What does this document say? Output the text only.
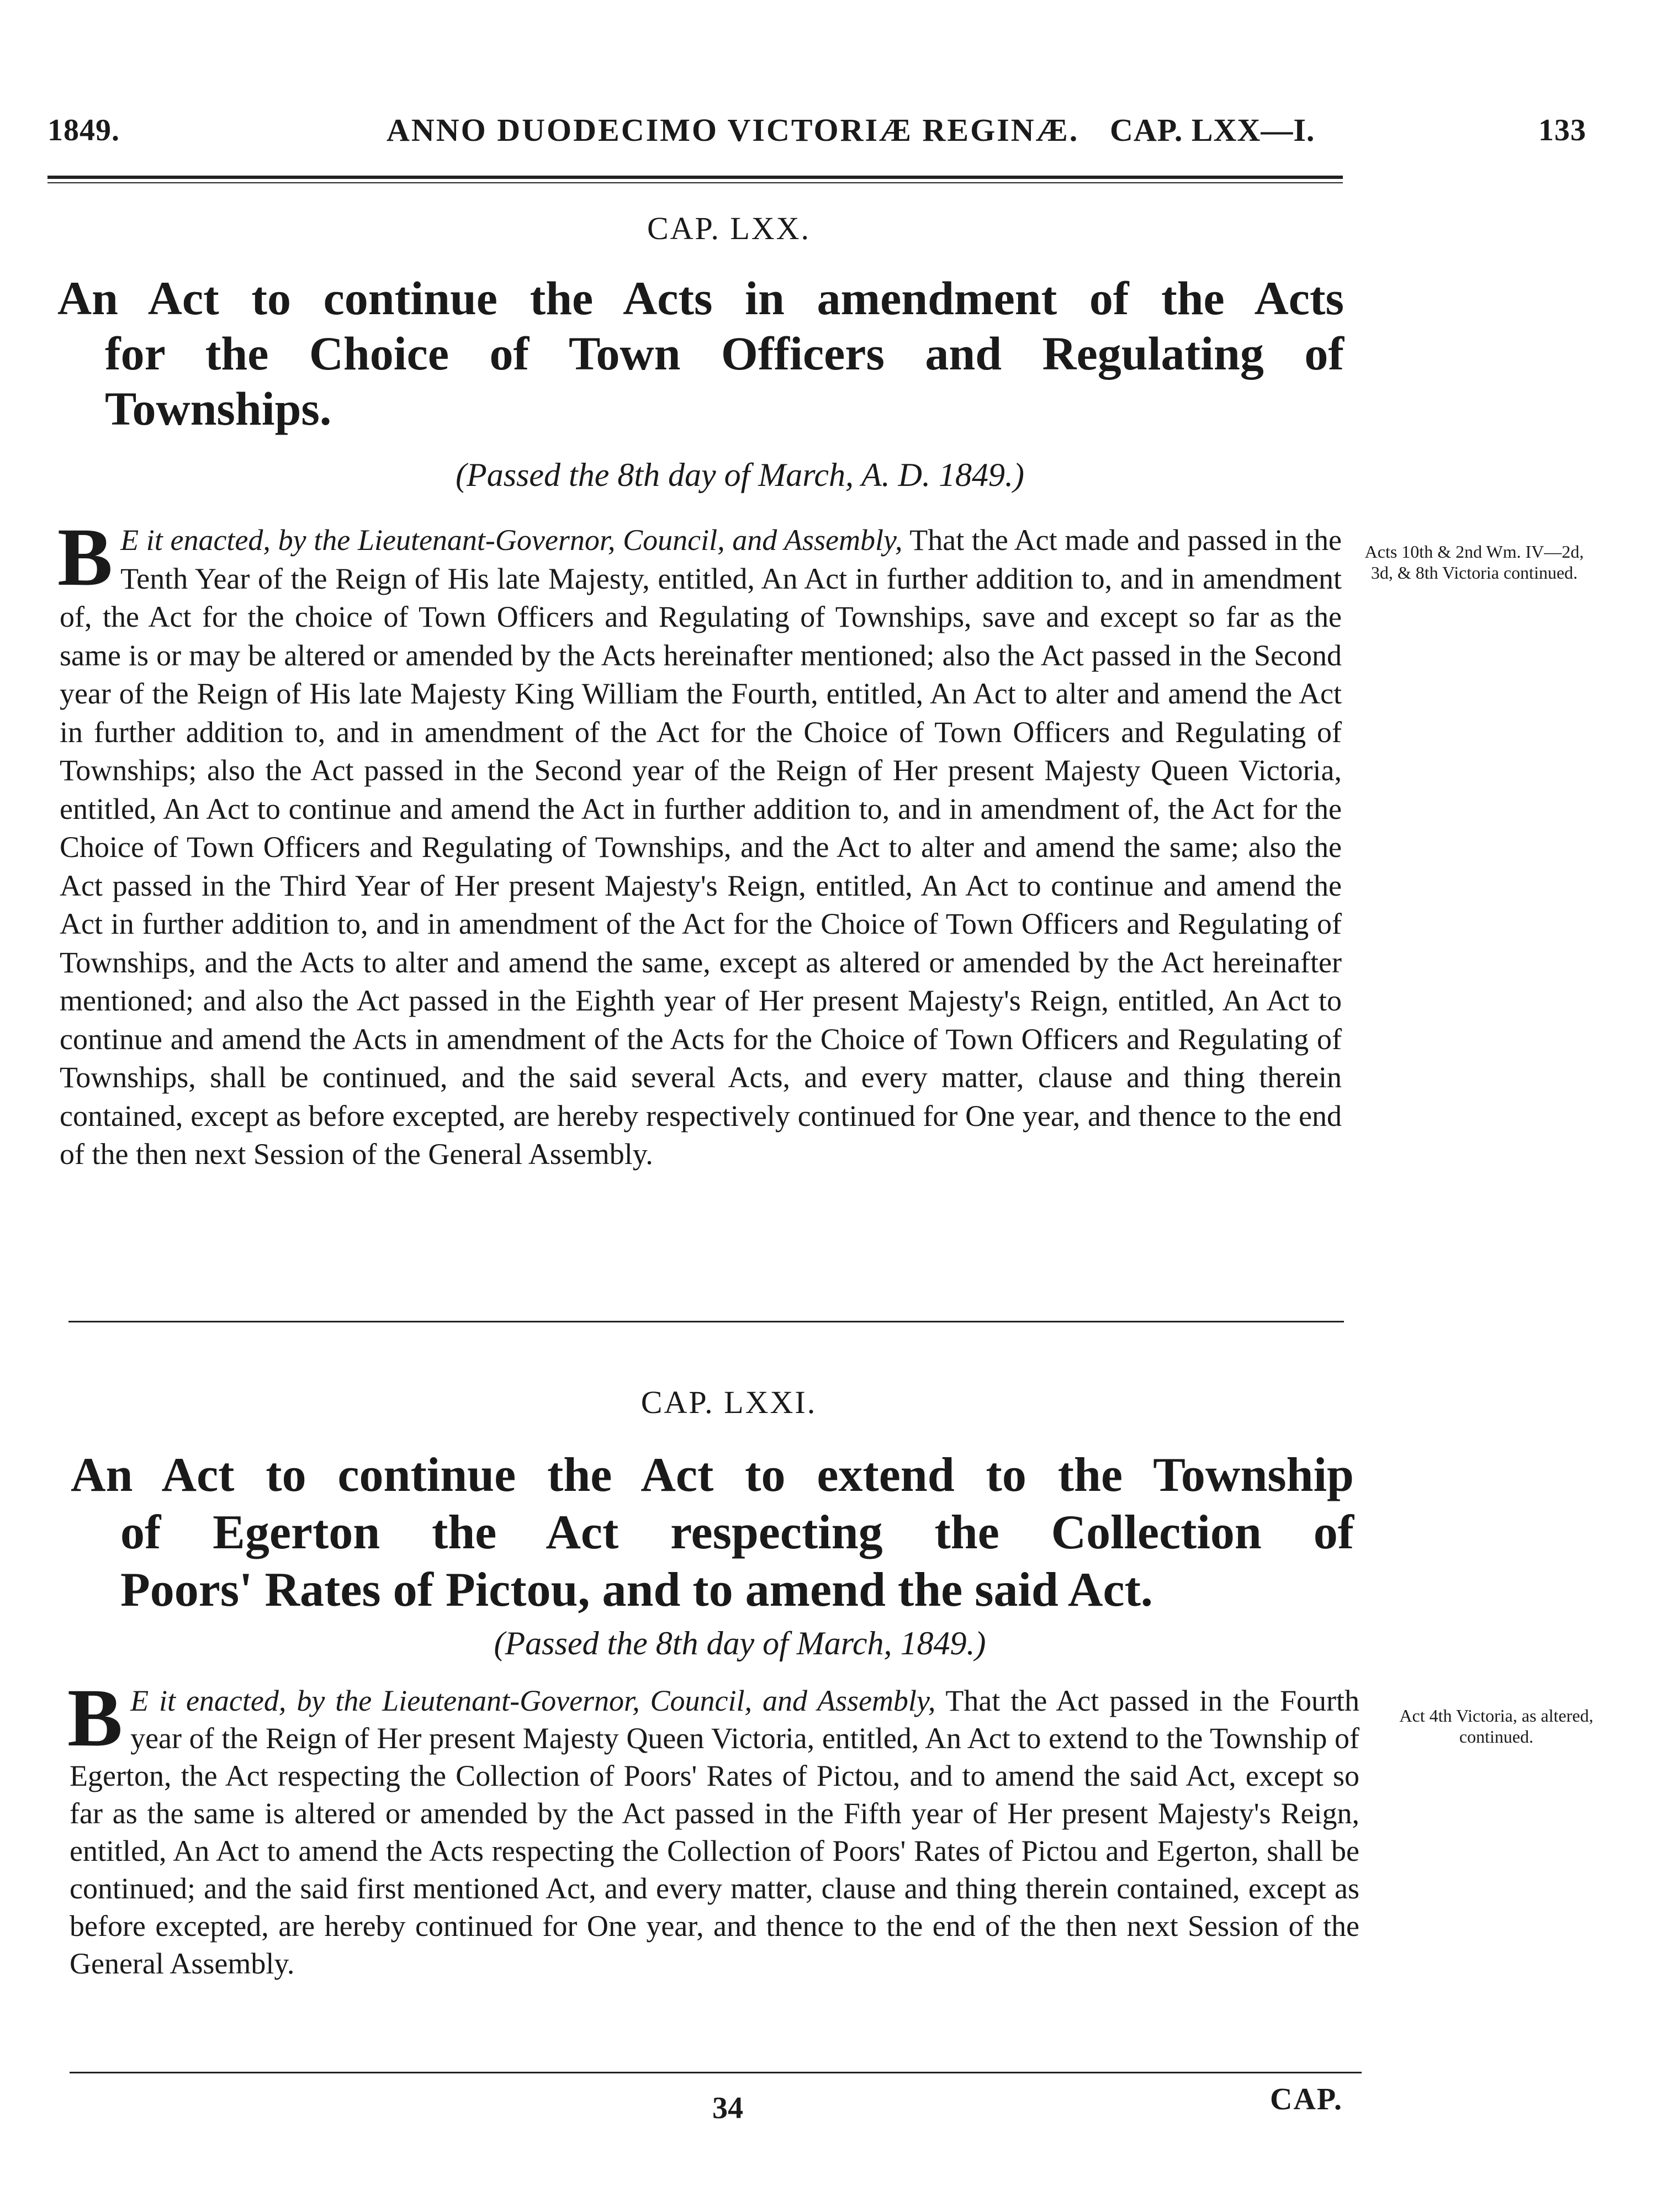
1849.	ANNO DUODECIMO VICTORIÆ REGINÆ. CAP. LXX—I.	133
CAP. LXX.
An Act to continue the Acts in amendment of the Acts
for the Choice of Town Officers and Regulating of
Townships.
(Passed the 8th day of March, A. D. 1849.)
B E it enacted, by the Lieutenant-Governor, Council, and Assembly, That the Act made and passed in the Tenth Year of the Reign of His late Majesty, entitled, An Act in further addition to, and in amendment of, the Act for the choice of Town Officers and Regulating of Townships, save and except so far as the same is or may be altered or amended by the Acts hereinafter mentioned; also the Act passed in the Second year of the Reign of His late Majesty King William the Fourth, entitled, An Act to alter and amend the Act in further addition to, and in amendment of the Act for the Choice of Town Officers and Regulating of Townships; also the Act passed in the Second year of the Reign of Her present Majesty Queen Victoria, entitled, An Act to continue and amend the Act in further addition to, and in amendment of, the Act for the Choice of Town Officers and Regulating of Townships, and the Act to alter and amend the same; also the Act passed in the Third Year of Her present Majesty's Reign, entitled, An Act to continue and amend the Act in further addition to, and in amendment of the Act for the Choice of Town Officers and Regulating of Townships, and the Acts to alter and amend the same, except as altered or amended by the Act hereinafter mentioned; and also the Act passed in the Eighth year of Her present Majesty's Reign, entitled, An Act to continue and amend the Acts in amendment of the Acts for the Choice of Town Officers and Regulating of Townships, shall be continued, and the said several Acts, and every matter, clause and thing therein contained, except as before excepted, are hereby respectively continued for One year, and thence to the end of the then next Session of the General Assembly.
Acts 10th & 2nd Wm. IV—2d, 3d, & 8th Victoria continued.
CAP. LXXI.
An Act to continue the Act to extend to the Township
of Egerton the Act respecting the Collection of
Poors' Rates of Pictou, and to amend the said Act.
(Passed the 8th day of March, 1849.)
B E it enacted, by the Lieutenant-Governor, Council, and Assembly, That the Act passed in the Fourth year of the Reign of Her present Majesty Queen Victoria, entitled, An Act to extend to the Township of Egerton, the Act respecting the Collection of Poors' Rates of Pictou, and to amend the said Act, except so far as the same is altered or amended by the Act passed in the Fifth year of Her present Majesty's Reign, entitled, An Act to amend the Acts respecting the Collection of Poors' Rates of Pictou and Egerton, shall be continued; and the said first mentioned Act, and every matter, clause and thing therein contained, except as before excepted, are hereby continued for One year, and thence to the end of the then next Session of the General Assembly.
Act 4th Victoria, as altered, continued.
34	CAP.
